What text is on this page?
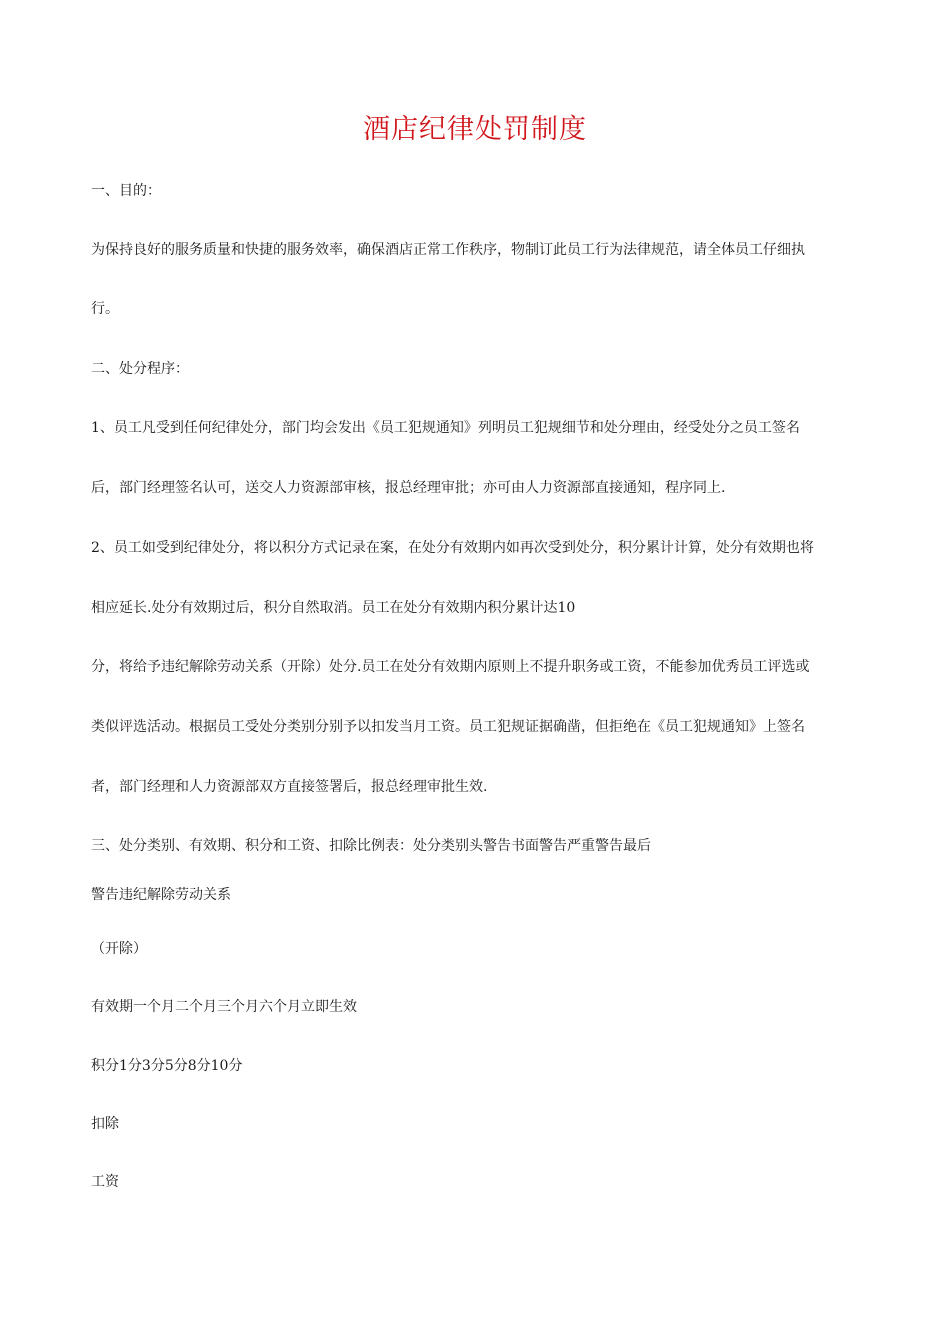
酒店纪律处罚制度
一、目的：
为保持良好的服务质量和快捷的服务效率，确保酒店正常工作秩序，物制订此员工行为法律规范，请全体员工仔细执
行。
二、处分程序：
1、员工凡受到任何纪律处分，部门均会发出《员工犯规通知》列明员工犯规细节和处分理由，经受处分之员工签名
后，部门经理签名认可，送交人力资源部审核，报总经理审批；亦可由人力资源部直接通知，程序同上.
2、员工如受到纪律处分，将以积分方式记录在案，在处分有效期内如再次受到处分，积分累计计算，处分有效期也将
相应延长.处分有效期过后，积分自然取消。员工在处分有效期内积分累计达10
分，将给予违纪解除劳动关系（开除）处分.员工在处分有效期内原则上不提升职务或工资，不能参加优秀员工评选或
类似评选活动。根据员工受处分类别分别予以扣发当月工资。员工犯规证据确凿，但拒绝在《员工犯规通知》上签名
者，部门经理和人力资源部双方直接签署后，报总经理审批生效.
三、处分类别、有效期、积分和工资、扣除比例表：处分类别头警告书面警告严重警告最后
警告违纪解除劳动关系
（开除）
有效期一个月二个月三个月六个月立即生效
积分1分3分5分8分10分
扣除
工资
